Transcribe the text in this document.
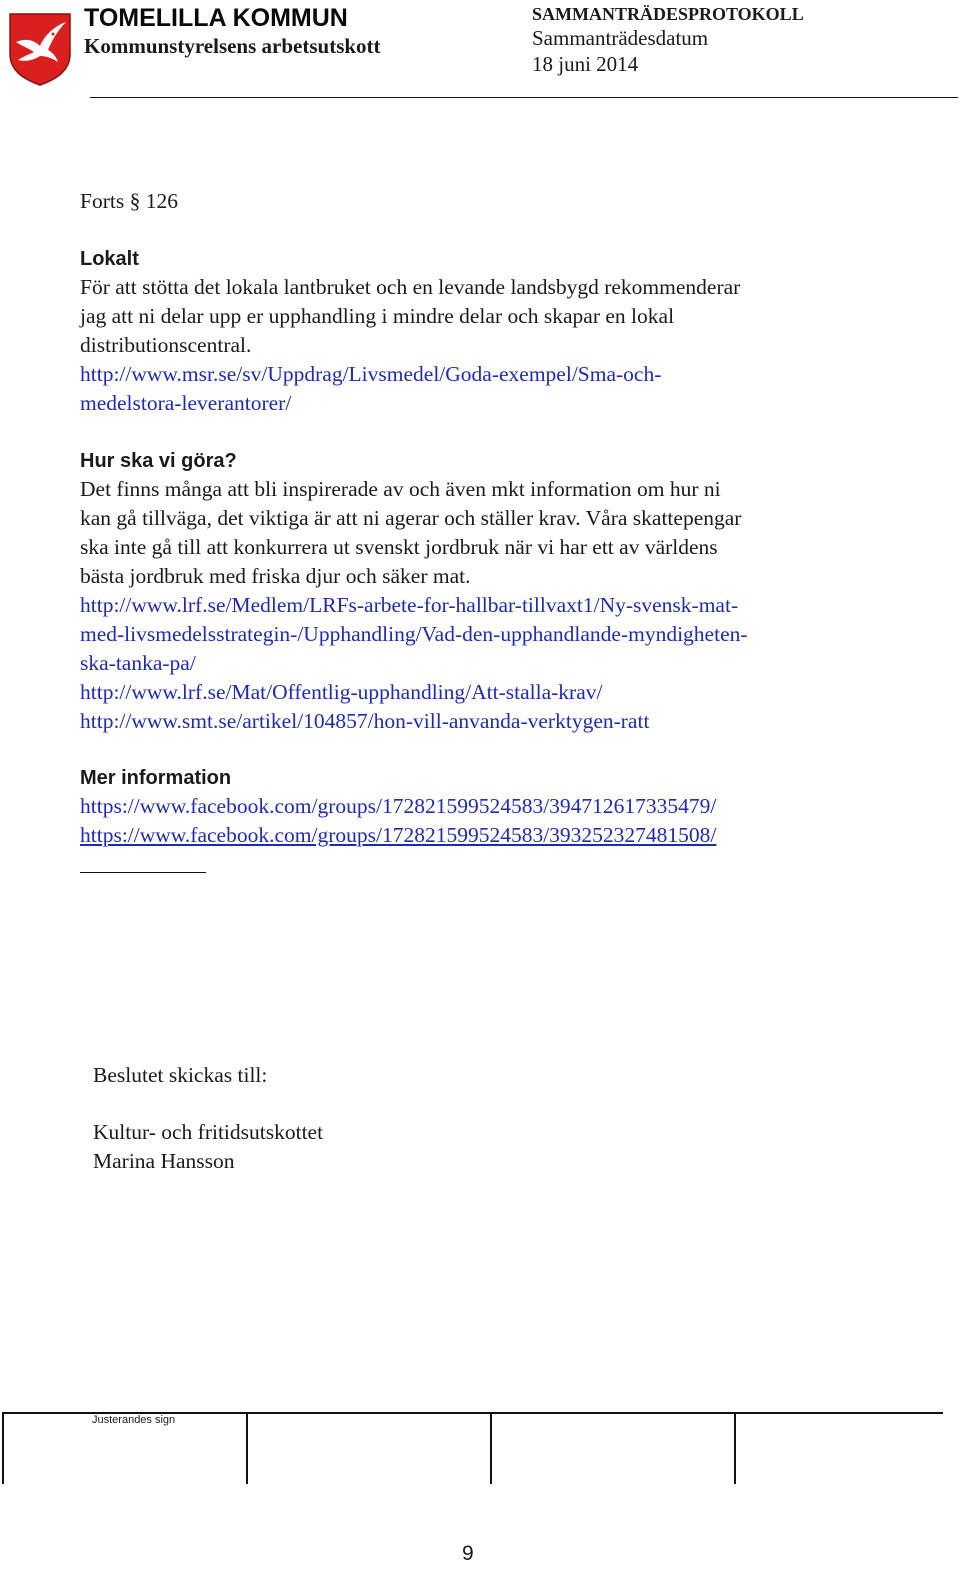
TOMELILLA KOMMUN
Kommunstyrelsens arbetsutskott
SAMMANTRÄDESPROTOKOLL
Sammanträdesdatum
18 juni 2014
Forts § 126
Lokalt
För att stötta det lokala lantbruket och en levande landsbygd rekommenderar
jag att ni delar upp er upphandling i mindre delar och skapar en lokal
distributionscentral.
http://www.msr.se/sv/Uppdrag/Livsmedel/Goda-exempel/Sma-och-
medelstora-leverantorer/
Hur ska vi göra?
Det finns många att bli inspirerade av och även mkt information om hur ni
kan gå tillväga, det viktiga är att ni agerar och ställer krav. Våra skattepengar
ska inte gå till att konkurrera ut svenskt jordbruk när vi har ett av världens
bästa jordbruk med friska djur och säker mat.
http://www.lrf.se/Medlem/LRFs-arbete-for-hallbar-tillvaxt1/Ny-svensk-mat-
med-livsmedelsstrategin-/Upphandling/Vad-den-upphandlande-myndigheten-
ska-tanka-pa/
http://www.lrf.se/Mat/Offentlig-upphandling/Att-stalla-krav/
http://www.smt.se/artikel/104857/hon-vill-anvanda-verktygen-ratt
Mer information
https://www.facebook.com/groups/172821599524583/394712617335479/
https://www.facebook.com/groups/172821599524583/393252327481508/
Beslutet skickas till:
Kultur- och fritidsutskottet
Marina Hansson
Justerandes sign
9
